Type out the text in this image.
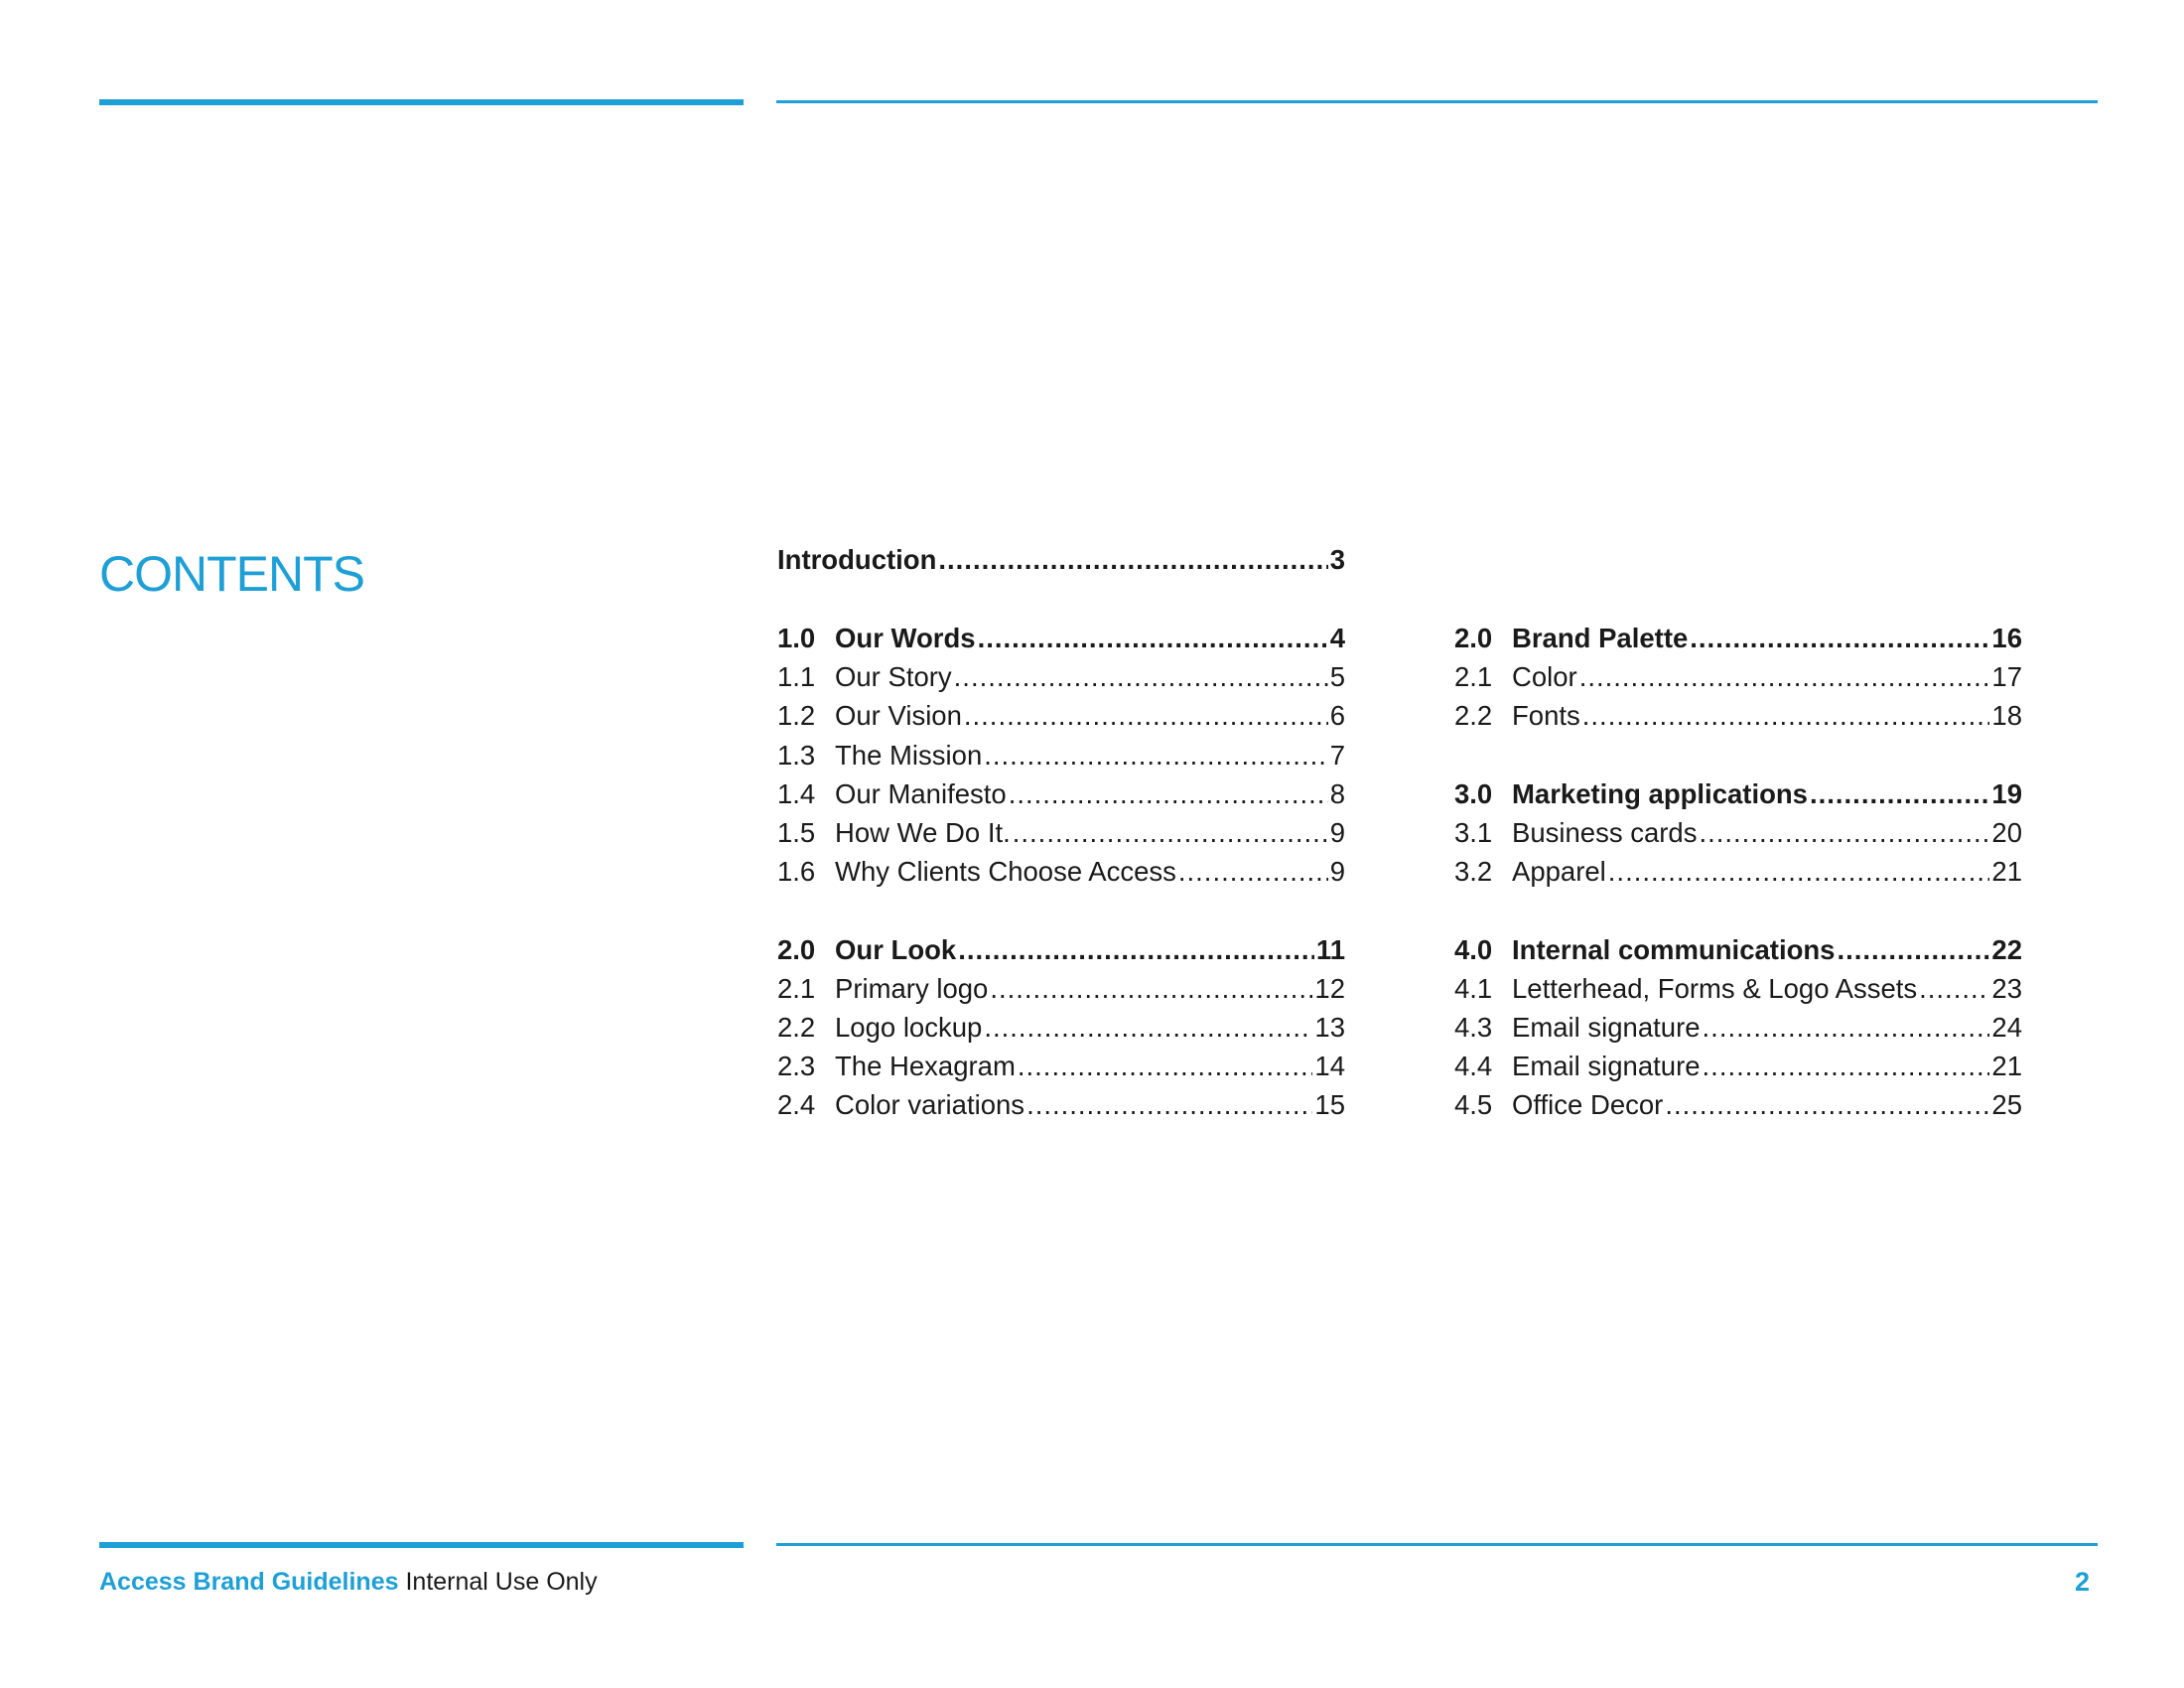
CONTENTS	Introduction .....	3
1.0 Our Words .....	4
1.1 Our Story .....	5
1.2 Our Vision .....	6
1.3 The Mission .....	7
1.4 Our Manifesto .....	8
1.5 How We Do It. .....	9
1.6 Why Clients Choose Access .....	9
2.0 Our Look .....	11
2.1 Primary logo .....	12
2.2 Logo lockup .....	13
2.3 The Hexagram .....	14
2.4 Color variations .....	15
2.0 Brand Palette .....	16
2.1 Color .....	17
2.2 Fonts .....	18
3.0 Marketing applications .....	19
3.1 Business cards .....	20
3.2 Apparel .....	21
4.0 Internal communications .....	22
4.1 Letterhead, Forms & Logo Assets .....	23
4.3 Email signature .....	24
4.4 Email signature .....	21
4.5 Office Decor .....	25
Access Brand Guidelines Internal Use Only	2
